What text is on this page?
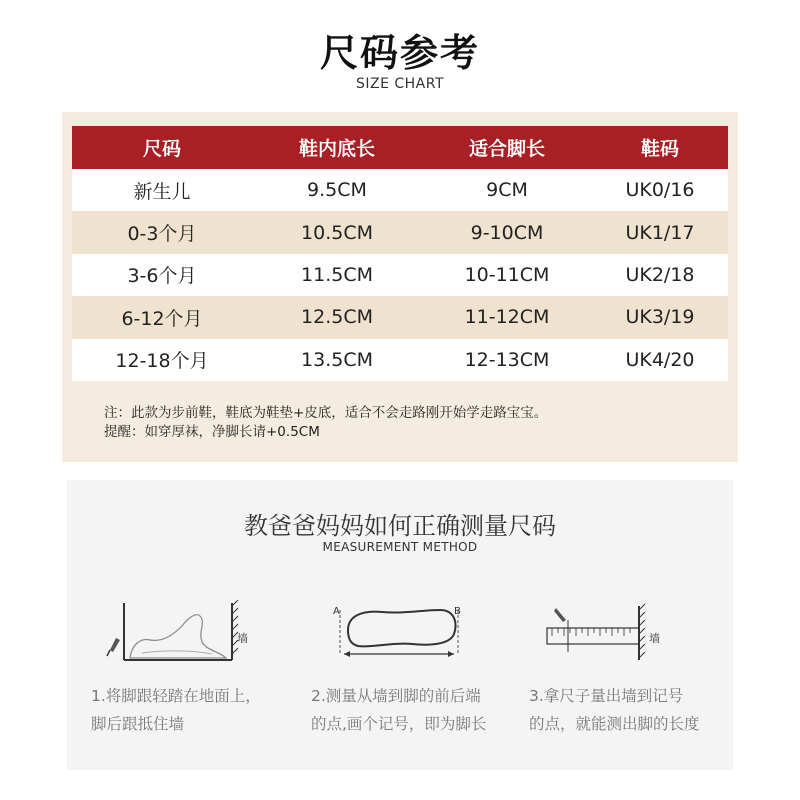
尺码参考
SIZE CHART
尺码	鞋内底长	适合脚长	鞋码
新生儿	9.5CM	9CM	UK0/16
0-3个月	10.5CM	9-10CM	UK1/17
3-6个月	11.5CM	10-11CM	UK2/18
6-12个月	12.5CM	11-12CM	UK3/19
12-18个月	13.5CM	12-13CM	UK4/20
注：此款为步前鞋，鞋底为鞋垫+皮底，适合不会走路刚开始学走路宝宝。
提醒：如穿厚袜，净脚长请+0.5CM
教爸爸妈妈如何正确测量尺码
MEASUREMENT METHOD
墙
A	B
墙
1.将脚跟轻踏在地面上，
脚后跟抵住墙
2.测量从墙到脚的前后端
的点,画个记号，即为脚长
3.拿尺子量出墙到记号
的点，就能测出脚的长度
